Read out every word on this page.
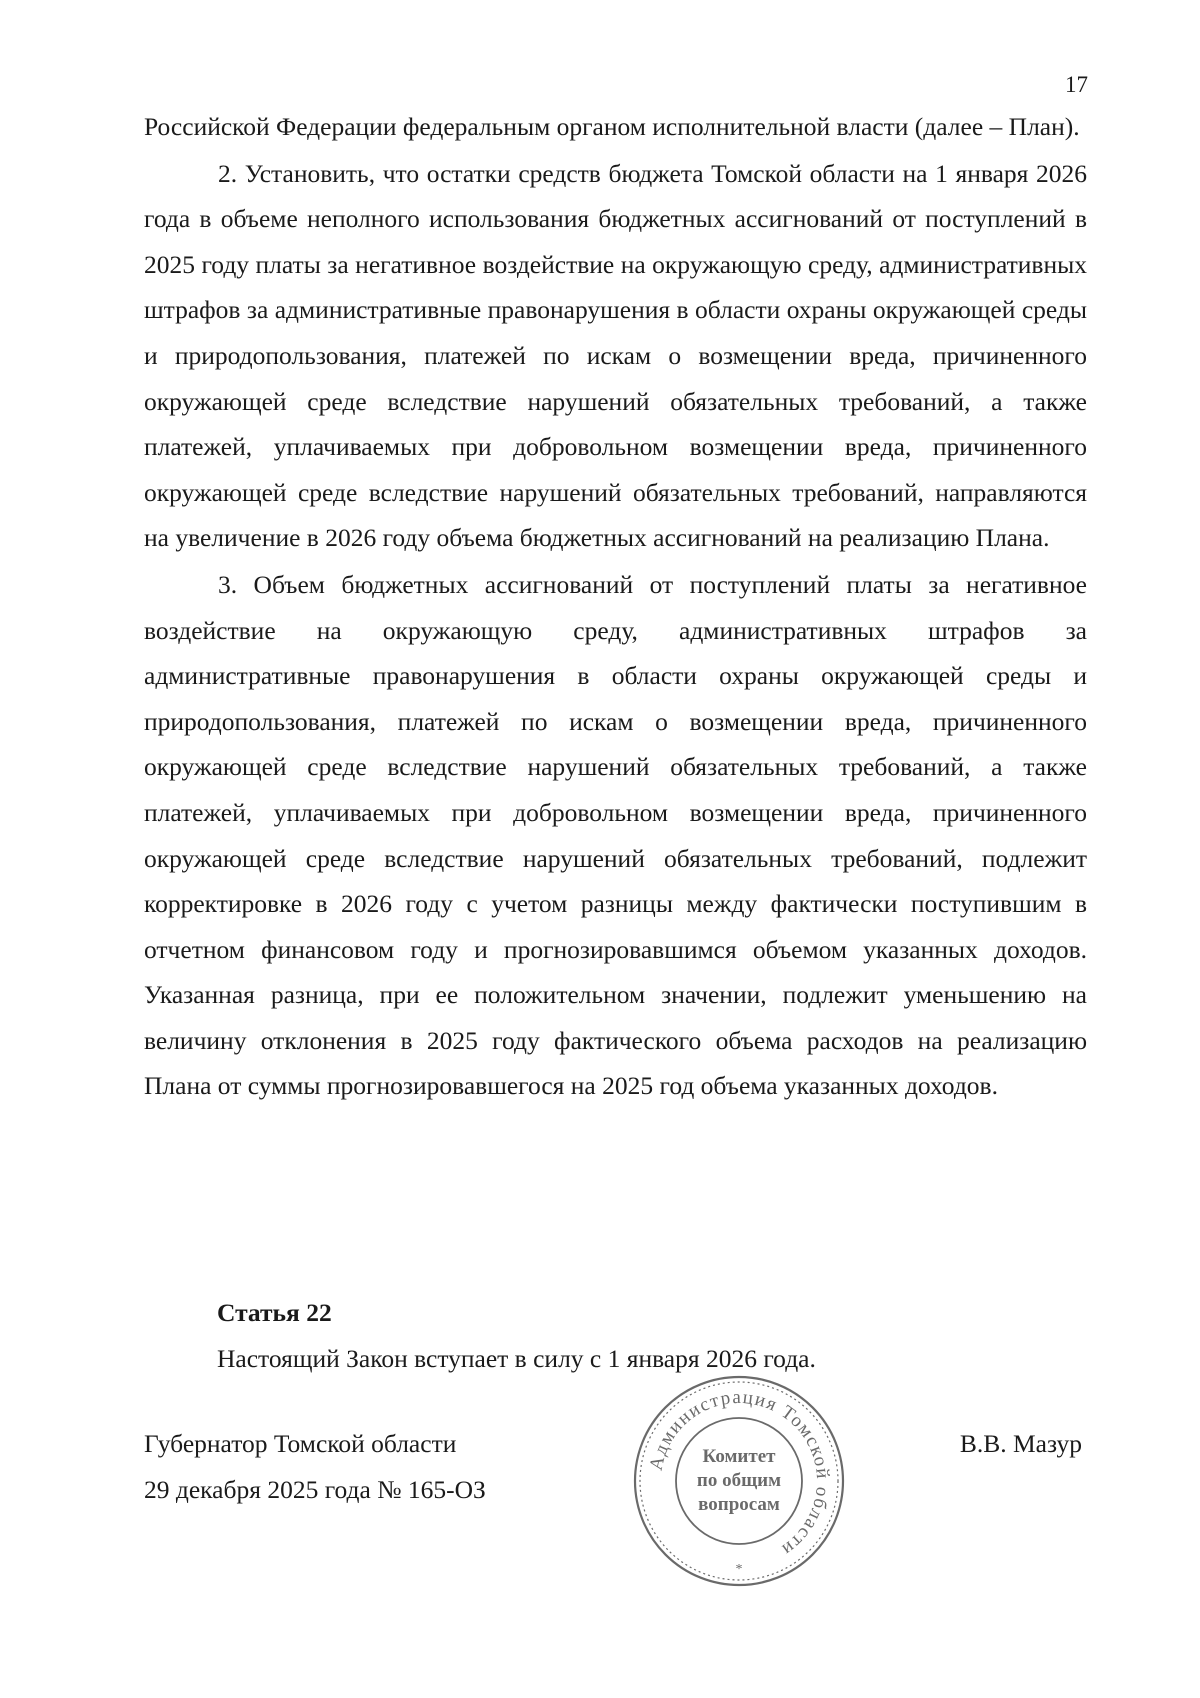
17

Российской Федерации федеральным органом исполнительной власти (далее – План).

2. Установить, что остатки средств бюджета Томской области на 1 января 2026 года в объеме неполного использования бюджетных ассигнований от поступлений в 2025 году платы за негативное воздействие на окружающую среду, административных штрафов за административные правонарушения в области охраны окружающей среды и природопользования, платежей по искам о возмещении вреда, причиненного окружающей среде вследствие нарушений обязательных требований, а также платежей, уплачиваемых при добровольном возмещении вреда, причиненного окружающей среде вследствие нарушений обязательных требований, направляются на увеличение в 2026 году объема бюджетных ассигнований на реализацию Плана.

3. Объем бюджетных ассигнований от поступлений платы за негативное воздействие на окружающую среду, административных штрафов за административные правонарушения в области охраны окружающей среды и природопользования, платежей по искам о возмещении вреда, причиненного окружающей среде вследствие нарушений обязательных требований, а также платежей, уплачиваемых при добровольном возмещении вреда, причиненного окружающей среде вследствие нарушений обязательных требований, подлежит корректировке в 2026 году с учетом разницы между фактически поступившим в отчетном финансовом году и прогнозировавшимся объемом указанных доходов. Указанная разница, при ее положительном значении, подлежит уменьшению на величину отклонения в 2025 году фактического объема расходов на реализацию Плана от суммы прогнозировавшегося на 2025 год объема указанных доходов.

Статья 22

Настоящий Закон вступает в силу с 1 января 2026 года.

Губернатор Томской области
29 декабря 2025 года № 165-ОЗ
В.В. Мазур
Администрация Томской области
Комитет
по общим
вопросам
*
